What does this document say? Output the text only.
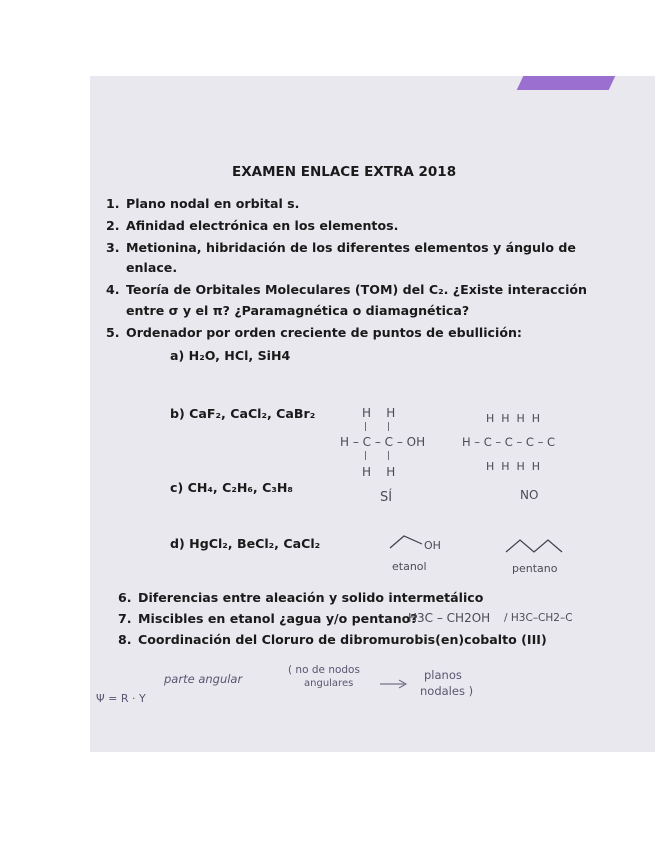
EXAMEN ENLACE EXTRA 2018
1. Plano nodal en orbital s.
2. Afinidad electrónica en los elementos.
3. Metionina, hibridación de los diferentes elementos y ángulo de
enlace.
4. Teoría de Orbitales Moleculares (TOM) del C₂. ¿Existe interacción
entre σ y el π? ¿Paramagnética o diamagnética?
5. Ordenador por orden creciente de puntos de ebullición:
a) H₂O, HCl, SiH4
b) CaF₂, CaCl₂, CaBr₂
c) CH₄, C₂H₆, C₃H₈
d) HgCl₂, BeCl₂, CaCl₂
H    H
|       |
H – C – C – OH
|       |
H    H
SÍ
H  H  H  H
H – C – C – C – C
H  H  H  H
NO
OH
etanol	pentano
6. Diferencias entre aleación y solido intermetálico
7. Miscibles en etanol ¿agua y/o pentano?
H3C – CH2OH / H3C–CH2–C
8. Coordinación del Cloruro de dibromurobis(en)cobalto (III)
parte angular
( no de nodos
angulares
planos
nodales )
Ψ = R · Y
